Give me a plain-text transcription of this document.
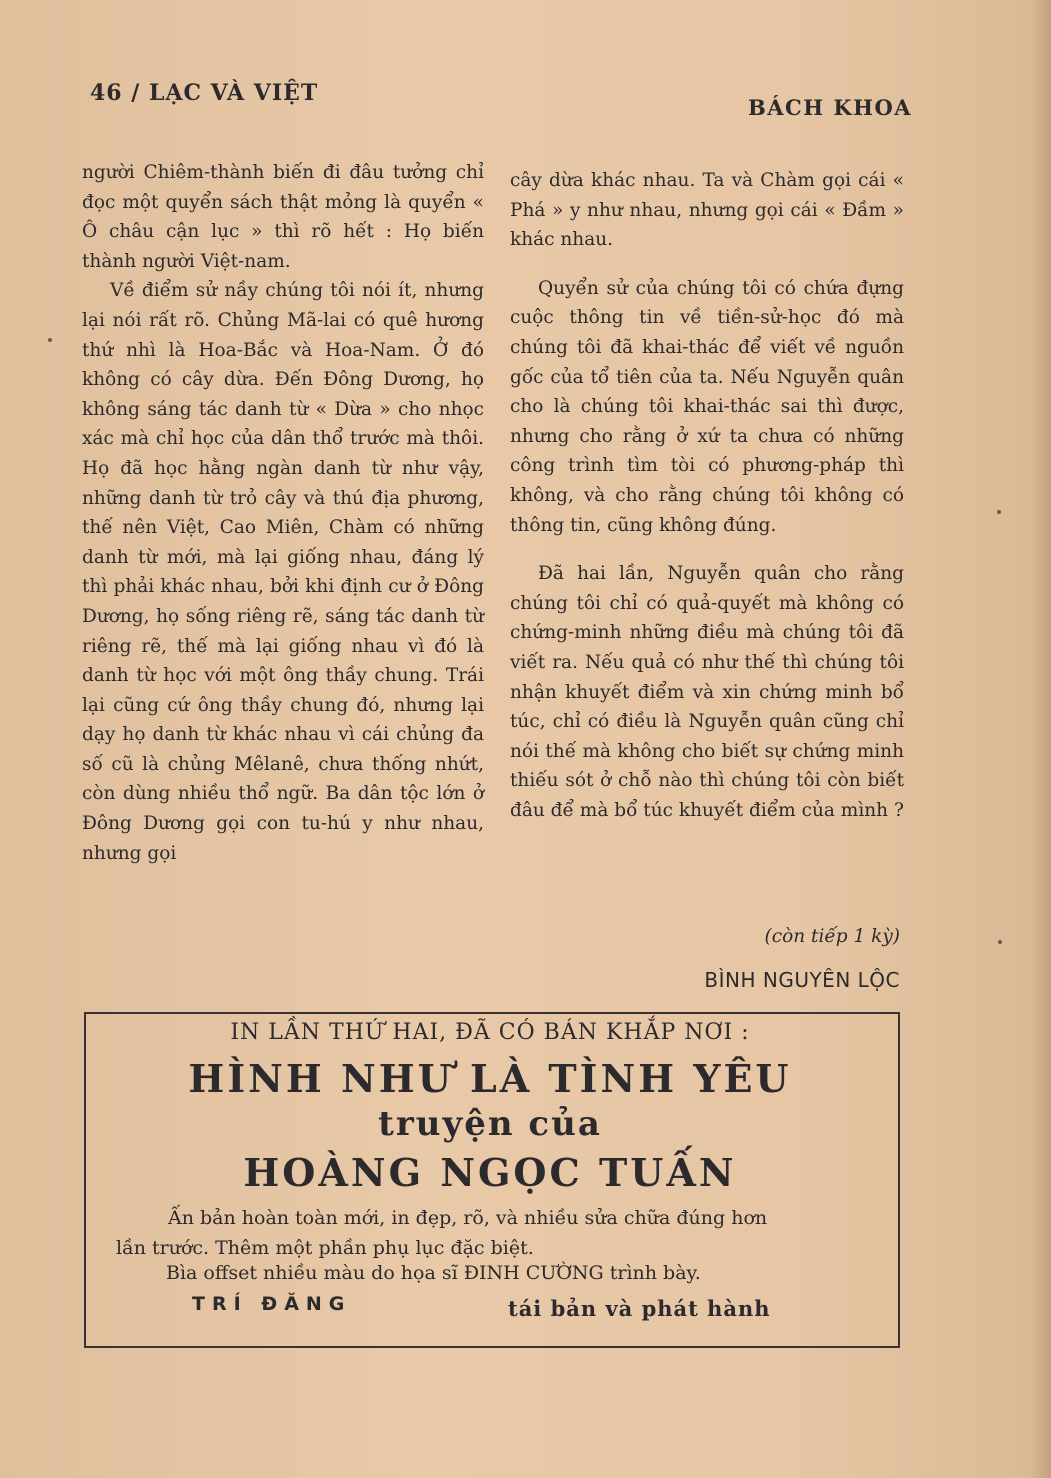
46 / LẠC VÀ VIỆT
BÁCH KHOA

người Chiêm-thành biến đi đâu tưởng chỉ đọc một quyển sách thật mỏng là quyển « Ô châu cận lục » thì rõ hết : Họ biến thành người Việt-nam.

Về điểm sử nầy chúng tôi nói ít, nhưng lại nói rất rõ. Chủng Mã-lai có quê hương thứ nhì là Hoa-Bắc và Hoa-Nam. Ở đó không có cây dừa. Đến Đông Dương, họ không sáng tác danh từ « Dừa » cho nhọc xác mà chỉ học của dân thổ trước mà thôi. Họ đã học hằng ngàn danh từ như vậy, những danh từ trỏ cây và thú địa phương, thế nên Việt, Cao Miên, Chàm có những danh từ mới, mà lại giống nhau, đáng lý thì phải khác nhau, bởi khi định cư ở Đông Dương, họ sống riêng rẽ, sáng tác danh từ riêng rẽ, thế mà lại giống nhau vì đó là danh từ học với một ông thầy chung. Trái lại cũng cứ ông thầy chung đó, nhưng lại dạy họ danh từ khác nhau vì cái chủng đa số cũ là chủng Mêlanê, chưa thống nhứt, còn dùng nhiều thổ ngữ. Ba dân tộc lớn ở Đông Dương gọi con tu-hú y như nhau, nhưng gọi

cây dừa khác nhau. Ta và Chàm gọi cái « Phá » y như nhau, nhưng gọi cái « Đầm » khác nhau.

Quyển sử của chúng tôi có chứa đựng cuộc thông tin về tiền-sử-học đó mà chúng tôi đã khai-thác để viết về nguồn gốc của tổ tiên của ta. Nếu Nguyễn quân cho là chúng tôi khai-thác sai thì được, nhưng cho rằng ở xứ ta chưa có những công trình tìm tòi có phương-pháp thì không, và cho rằng chúng tôi không có thông tin, cũng không đúng.

Đã hai lần, Nguyễn quân cho rằng chúng tôi chỉ có quả-quyết mà không có chứng-minh những điều mà chúng tôi đã viết ra. Nếu quả có như thế thì chúng tôi nhận khuyết điểm và xin chứng minh bổ túc, chỉ có điều là Nguyễn quân cũng chỉ nói thế mà không cho biết sự chứng minh thiếu sót ở chỗ nào thì chúng tôi còn biết đâu để mà bổ túc khuyết điểm của mình ?

(còn tiếp 1 kỳ)
BÌNH NGUYÊN LỘC
IN LẦN THỨ HAI, ĐÃ CÓ BÁN KHẮP NƠI :
HÌNH NHƯ LÀ TÌNH YÊU
truyện của
HOÀNG NGỌC TUẤN
Ấn bản hoàn toàn mới, in đẹp, rõ, và nhiều sửa chữa đúng hơn
lần trước. Thêm một phần phụ lục đặc biệt.
Bìa offset nhiều màu do họa sĩ ĐINH CƯỜNG trình bày.
TRÍ ĐĂNG	tái bản và phát hành
